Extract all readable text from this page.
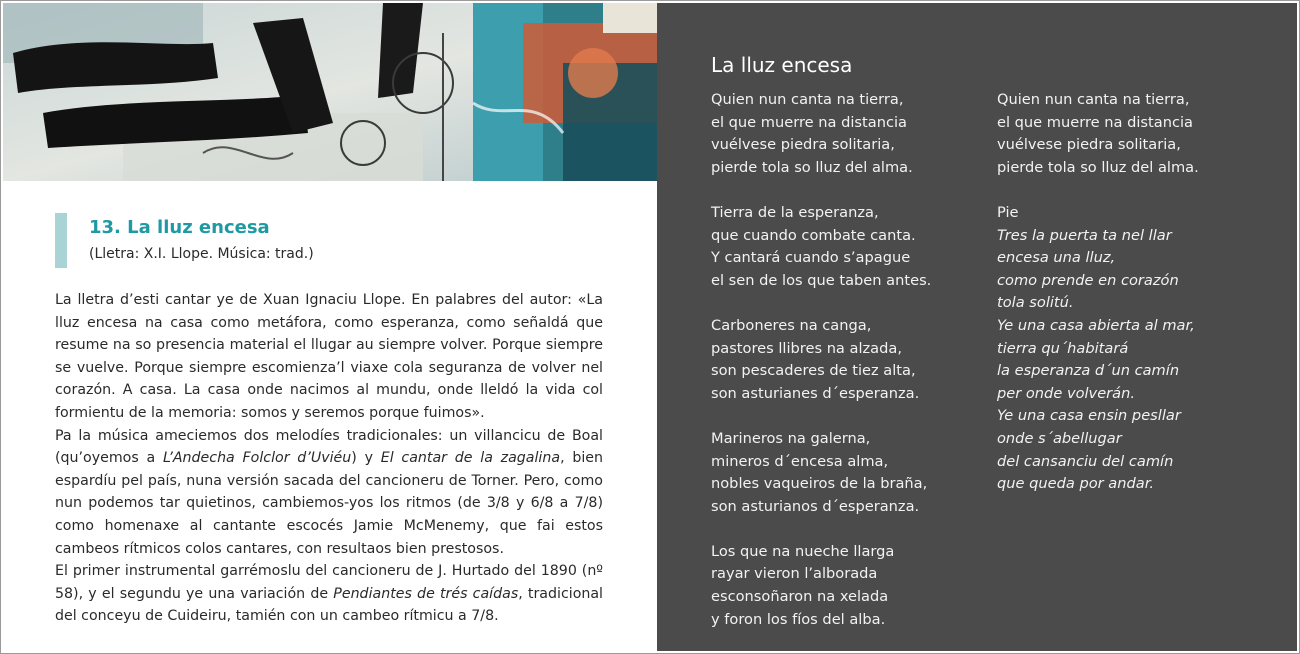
13. La lluz encesa
(Lletra: X.I. Llope. Música: trad.)

La lletra d’esti cantar ye de Xuan Ignaciu Llope. En palabres del autor: «La lluz encesa na casa como metáfora, como esperanza, como señaldá que resume na so presencia material el llugar au siempre volver. Porque siempre se vuelve. Porque siempre escomienza’l viaxe cola seguranza de volver nel corazón. A casa. La casa onde nacimos al mundu, onde lleldó la vida col formientu de la memoria: somos y seremos porque fuimos».

Pa la música ameciemos dos melodíes tradicionales: un villancicu de Boal (qu’oyemos a L’Andecha Folclor d’Uviéu) y El cantar de la zagalina, bien espardíu pel país, nuna versión sacada del cancioneru de Torner. Pero, como nun podemos tar quietinos, cambiemos-yos los ritmos (de 3/8 y 6/8 a 7/8) como homenaxe al cantante escocés Jamie McMenemy, que fai estos cambeos rítmicos colos cantares, con resultaos bien prestosos.

El primer instrumental garrémoslu del cancioneru de J. Hurtado del 1890 (nº 58), y el segundu ye una variación de Pendiantes de trés caídas, tradicional del conceyu de Cuideiru, tamién con un cambeo rítmicu a 7/8.

La lluz encesa
Quien nun canta na tierra,
el que muerre na distancia
vuélvese piedra solitaria,
pierde tola so lluz del alma.
Tierra de la esperanza,
que cuando combate canta.
Y cantará cuando s’apague
el sen de los que taben antes.
Carboneres na canga,
pastores llibres na alzada,
son pescaderes de tiez alta,
son asturianes d´esperanza.
Marineros na galerna,
mineros d´encesa alma,
nobles vaqueiros de la braña,
son asturianos d´esperanza.
Los que na nueche llarga
rayar vieron l’alborada
esconsoñaron na xelada
y foron los fíos del alba.
Quien nun canta na tierra,
el que muerre na distancia
vuélvese piedra solitaria,
pierde tola so lluz del alma.
Pie
Tres la puerta ta nel llar
encesa una lluz,
como prende en corazón
tola solitú.
Ye una casa abierta al mar,
tierra qu´habitará
la esperanza d´un camín
per onde volverán.
Ye una casa ensin pesllar
onde s´abellugar
del cansanciu del camín
que queda por andar.
